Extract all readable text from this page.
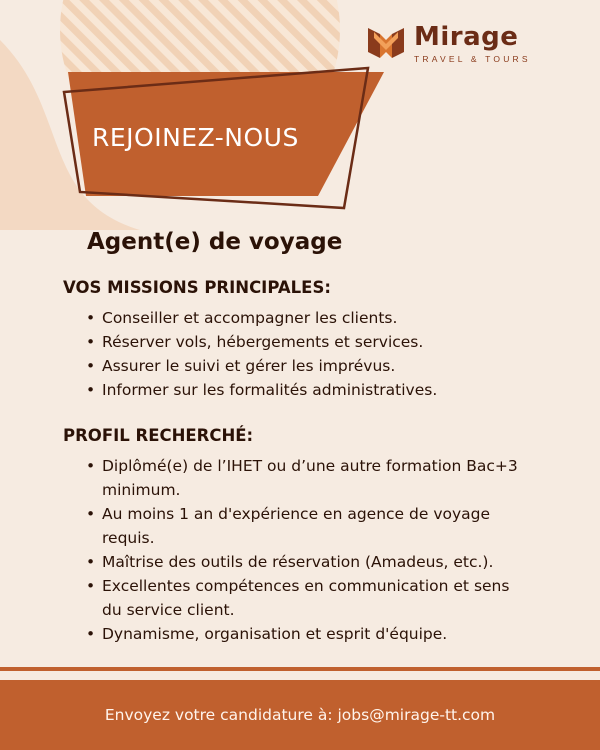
Mirage
TRAVEL & TOURS
REJOINEZ-NOUS
Agent(e) de voyage
VOS MISSIONS PRINCIPALES:
• Conseiller et accompagner les clients.
• Réserver vols, hébergements et services.
• Assurer le suivi et gérer les imprévus.
• Informer sur les formalités administratives.
PROFIL RECHERCHÉ:
• Diplômé(e) de l’IHET ou d’une autre formation Bac+3 minimum.
• Au moins 1 an d'expérience en agence de voyage requis.
• Maîtrise des outils de réservation (Amadeus, etc.).
• Excellentes compétences en communication et sens du service client.
• Dynamisme, organisation et esprit d'équipe.
Envoyez votre candidature à: jobs@mirage-tt.com
